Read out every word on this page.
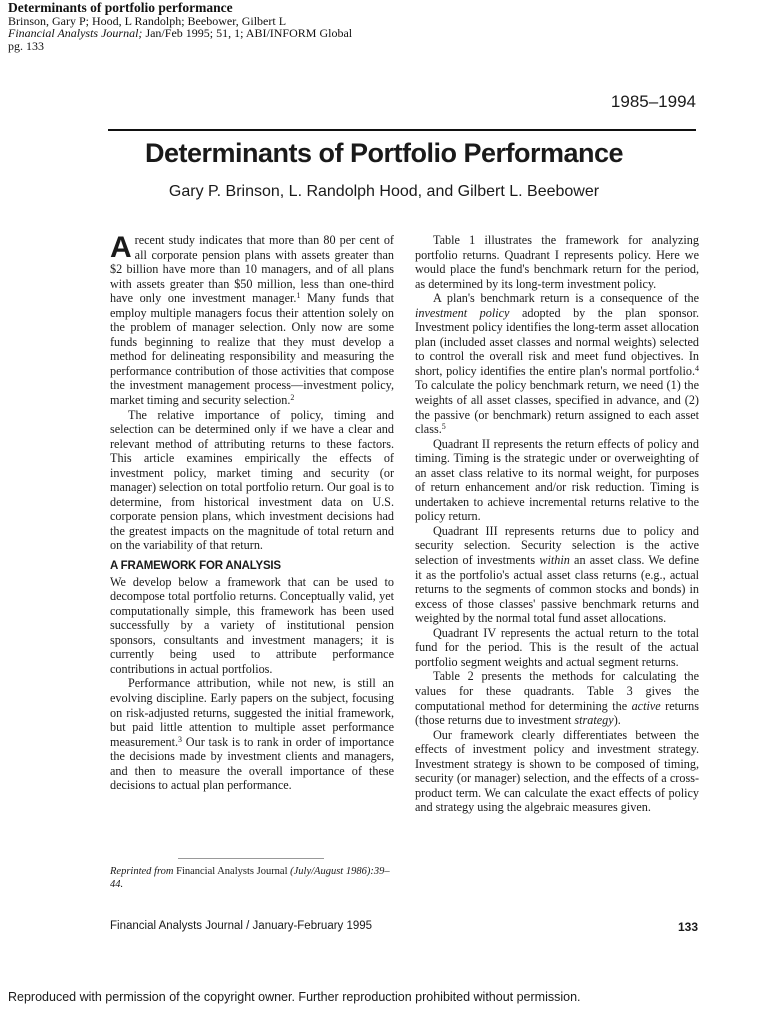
Determinants of portfolio performance
Brinson, Gary P; Hood, L Randolph; Beebower, Gilbert L
Financial Analysts Journal; Jan/Feb 1995; 51, 1; ABI/INFORM Global
pg. 133
1985–1994
Determinants of Portfolio Performance
Gary P. Brinson, L. Randolph Hood, and Gilbert L. Beebower

Arecent study indicates that more than 80 per cent of all corporate pension plans with assets greater than $2 billion have more than 10 managers, and of all plans with assets greater than $50 million, less than one-third have only one investment manager.$^1$ Many funds that employ multiple managers focus their attention solely on the problem of manager selection. Only now are some funds beginning to realize that they must develop a method for delineating responsibility and measuring the performance contribution of those activities that compose the investment management process—investment policy, market timing and security selection.$^2$

The relative importance of policy, timing and selection can be determined only if we have a clear and relevant method of attributing returns to these factors. This article examines empirically the effects of investment policy, market timing and security (or manager) selection on total portfolio return. Our goal is to determine, from historical investment data on U.S. corporate pension plans, which investment decisions had the greatest impacts on the magnitude of total return and on the variability of that return.

A FRAMEWORK FOR ANALYSIS

We develop below a framework that can be used to decompose total portfolio returns. Conceptually valid, yet computationally simple, this framework has been used successfully by a variety of institutional pension sponsors, consultants and investment managers; it is currently being used to attribute performance contributions in actual portfolios.

Performance attribution, while not new, is still an evolving discipline. Early papers on the subject, focusing on risk-adjusted returns, suggested the initial framework, but paid little attention to multiple asset performance measurement.$^3$ Our task is to rank in order of importance the decisions made by investment clients and managers, and then to measure the overall importance of these decisions to actual plan performance.

Reprinted from Financial Analysts Journal (July/August 1986):39–44.

Table 1 illustrates the framework for analyzing portfolio returns. Quadrant I represents policy. Here we would place the fund's benchmark return for the period, as determined by its long-term investment policy.

A plan's benchmark return is a consequence of the investment policy adopted by the plan sponsor. Investment policy identifies the long-term asset allocation plan (included asset classes and normal weights) selected to control the overall risk and meet fund objectives. In short, policy identifies the entire plan's normal portfolio.$^4$ To calculate the policy benchmark return, we need (1) the weights of all asset classes, specified in advance, and (2) the passive (or benchmark) return assigned to each asset class.$^5$

Quadrant II represents the return effects of policy and timing. Timing is the strategic under or overweighting of an asset class relative to its normal weight, for purposes of return enhancement and/or risk reduction. Timing is undertaken to achieve incremental returns relative to the policy return.

Quadrant III represents returns due to policy and security selection. Security selection is the active selection of investments within an asset class. We define it as the portfolio's actual asset class returns (e.g., actual returns to the segments of common stocks and bonds) in excess of those classes' passive benchmark returns and weighted by the normal total fund asset allocations.

Quadrant IV represents the actual return to the total fund for the period. This is the result of the actual portfolio segment weights and actual segment returns.

Table 2 presents the methods for calculating the values for these quadrants. Table 3 gives the computational method for determining the active returns (those returns due to investment strategy).

Our framework clearly differentiates between the effects of investment policy and investment strategy. Investment strategy is shown to be composed of timing, security (or manager) selection, and the effects of a cross-product term. We can calculate the exact effects of policy and strategy using the algebraic measures given.

Financial Analysts Journal / January-February 1995	133
Reproduced with permission of the copyright owner. Further reproduction prohibited without permission.
